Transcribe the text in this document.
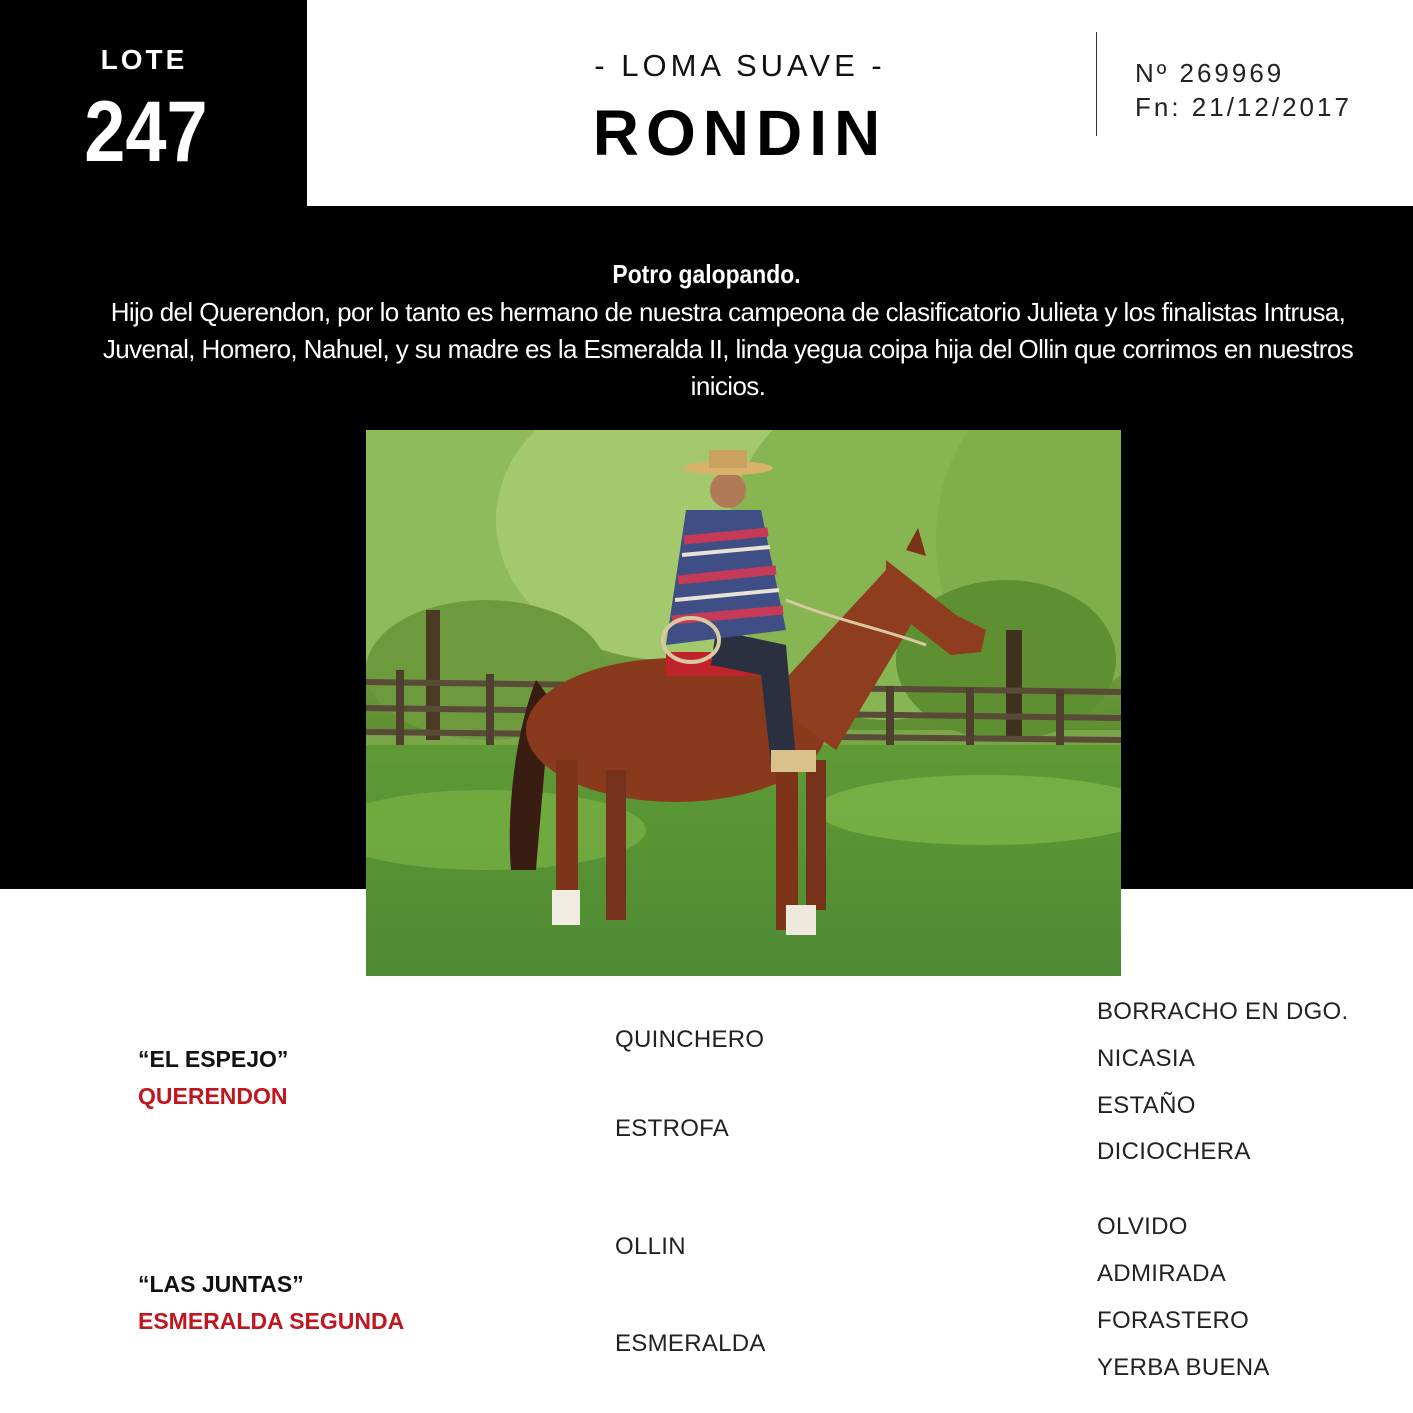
LOTE
247
- LOMA SUAVE -
RONDIN
Nº 269969
Fn: 21/12/2017
Potro galopando.
Hijo del Querendon, por lo tanto es hermano de nuestra campeona de clasificatorio Julieta y los finalistas Intrusa, Juvenal, Homero, Nahuel, y su madre es la Esmeralda II, linda yegua coipa hija del Ollin que corrimos en nuestros inicios.
“EL ESPEJO”
QUERENDON
QUINCHERO
ESTROFA
BORRACHO EN DGO.
NICASIA
ESTAÑO
DICIOCHERA
“LAS JUNTAS”
ESMERALDA SEGUNDA
OLLIN
ESMERALDA
OLVIDO
ADMIRADA
FORASTERO
YERBA BUENA
